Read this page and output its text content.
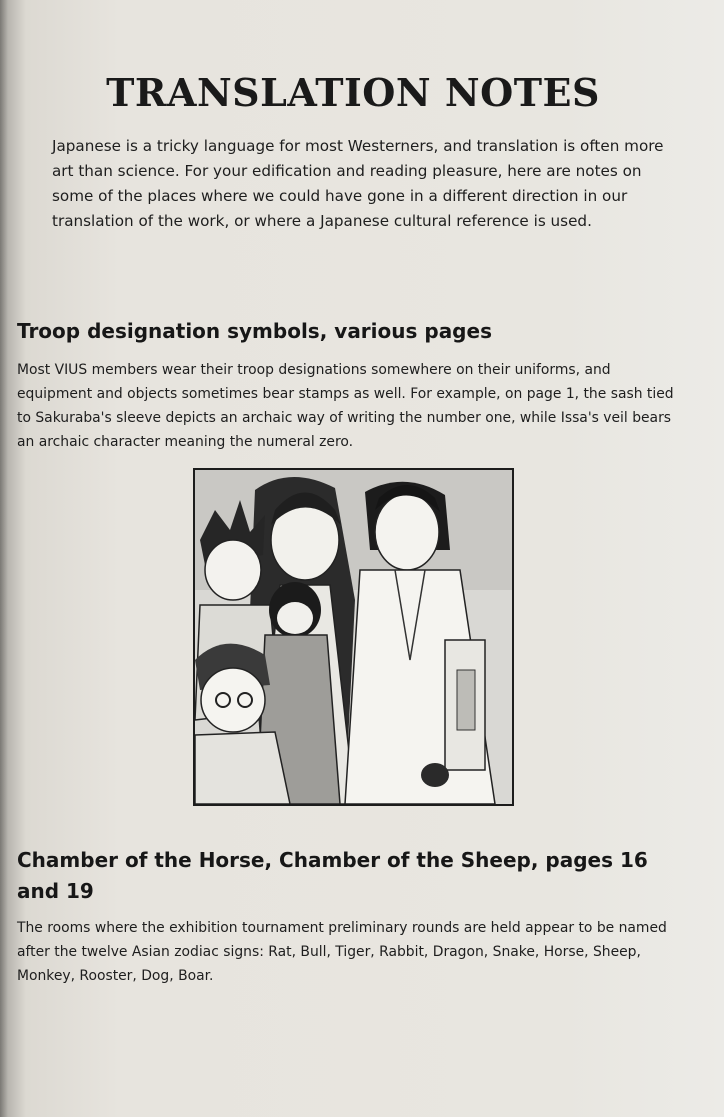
TRANSLATION NOTES

Japanese is a tricky language for most Westerners, and translation is often more art than science. For your edification and reading pleasure, here are notes on some of the places where we could have gone in a different direction in our translation of the work, or where a Japanese cultural reference is used.

Troop designation symbols, various pages

Most VIUS members wear their troop designations somewhere on their uniforms, and equipment and objects sometimes bear stamps as well. For example, on page 1, the sash tied to Sakuraba's sleeve depicts an archaic way of writing the number one, while Issa's veil bears an archaic character meaning the numeral zero.

Chamber of the Horse, Chamber of the Sheep, pages 16 and 19

The rooms where the exhibition tournament preliminary rounds are held appear to be named after the twelve Asian zodiac signs: Rat, Bull, Tiger, Rabbit, Dragon, Snake, Horse, Sheep, Monkey, Rooster, Dog, Boar.
